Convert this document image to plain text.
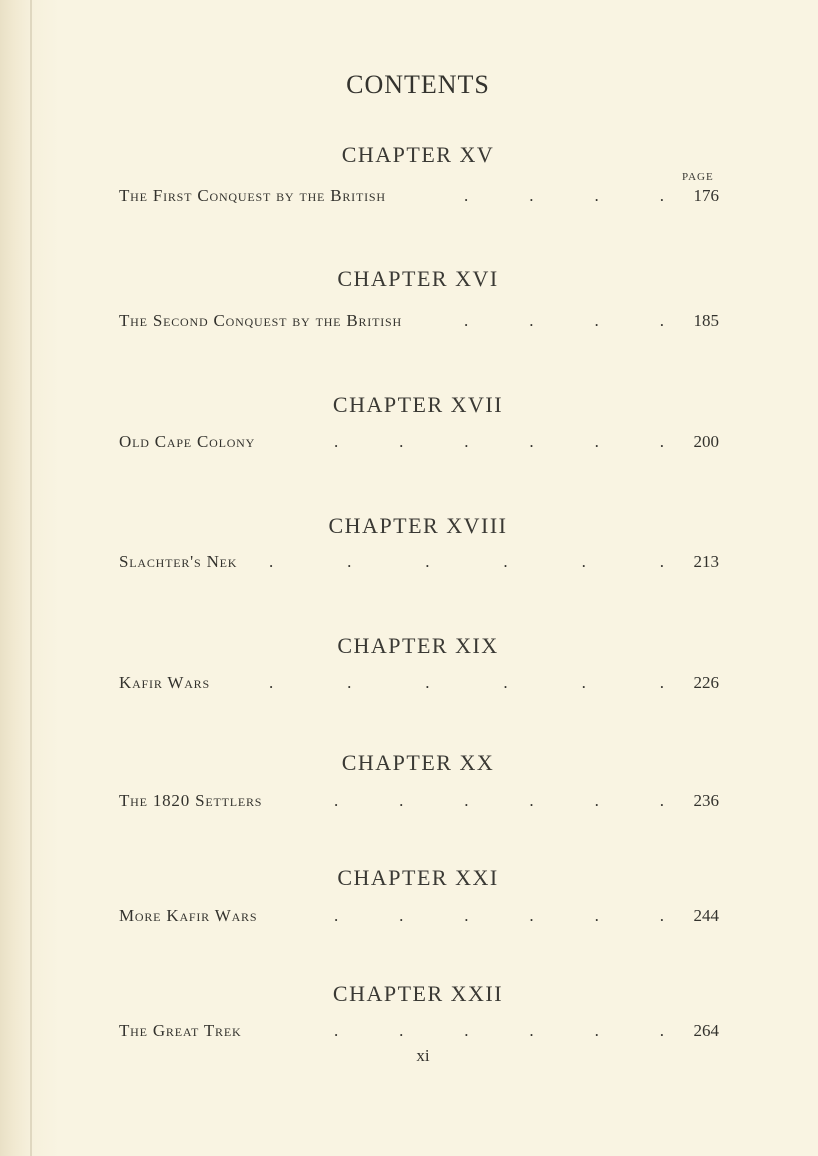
CONTENTS
PAGE
CHAPTER XV
The First Conquest by the British	.	.	.	. 176
CHAPTER XVI
The Second Conquest by the British	.	.	.	. 185
CHAPTER XVII
Old Cape Colony	.	.	.	.	.	. 200
CHAPTER XVIII
Slachter's Nek .	.	.	.	.	. 213
CHAPTER XIX
Kafir Wars	.	.	.	.	.	. 226
CHAPTER XX
The 1820 Settlers	.	.	.	.	.	. 236
CHAPTER XXI
More Kafir Wars	.	.	.	.	.	. 244
CHAPTER XXII
The Great Trek	.	.	.	.	.	. 264
xi
